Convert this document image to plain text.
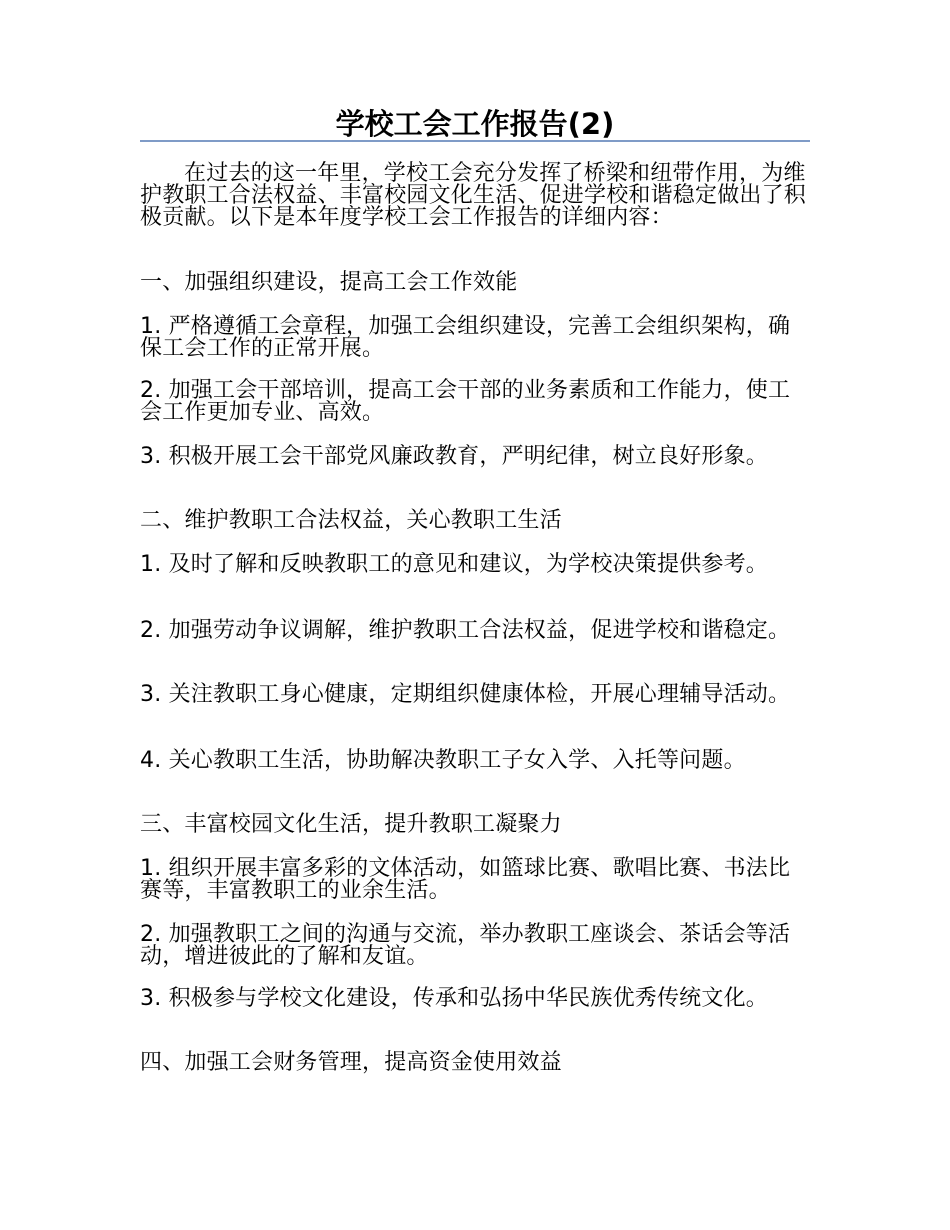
学校工会工作报告(2)

在过去的这一年里，学校工会充分发挥了桥梁和纽带作用，为维护教职工合法权益、丰富校园文化生活、促进学校和谐稳定做出了积极贡献。以下是本年度学校工会工作报告的详细内容：

一、加强组织建设，提高工会工作效能

1. 严格遵循工会章程，加强工会组织建设，完善工会组织架构，确保工会工作的正常开展。

2. 加强工会干部培训，提高工会干部的业务素质和工作能力，使工会工作更加专业、高效。

3. 积极开展工会干部党风廉政教育，严明纪律，树立良好形象。

二、维护教职工合法权益，关心教职工生活

1. 及时了解和反映教职工的意见和建议，为学校决策提供参考。

2. 加强劳动争议调解，维护教职工合法权益，促进学校和谐稳定。

3. 关注教职工身心健康，定期组织健康体检，开展心理辅导活动。

4. 关心教职工生活，协助解决教职工子女入学、入托等问题。

三、丰富校园文化生活，提升教职工凝聚力

1. 组织开展丰富多彩的文体活动，如篮球比赛、歌唱比赛、书法比赛等，丰富教职工的业余生活。

2. 加强教职工之间的沟通与交流，举办教职工座谈会、茶话会等活动，增进彼此的了解和友谊。

3. 积极参与学校文化建设，传承和弘扬中华民族优秀传统文化。

四、加强工会财务管理，提高资金使用效益
